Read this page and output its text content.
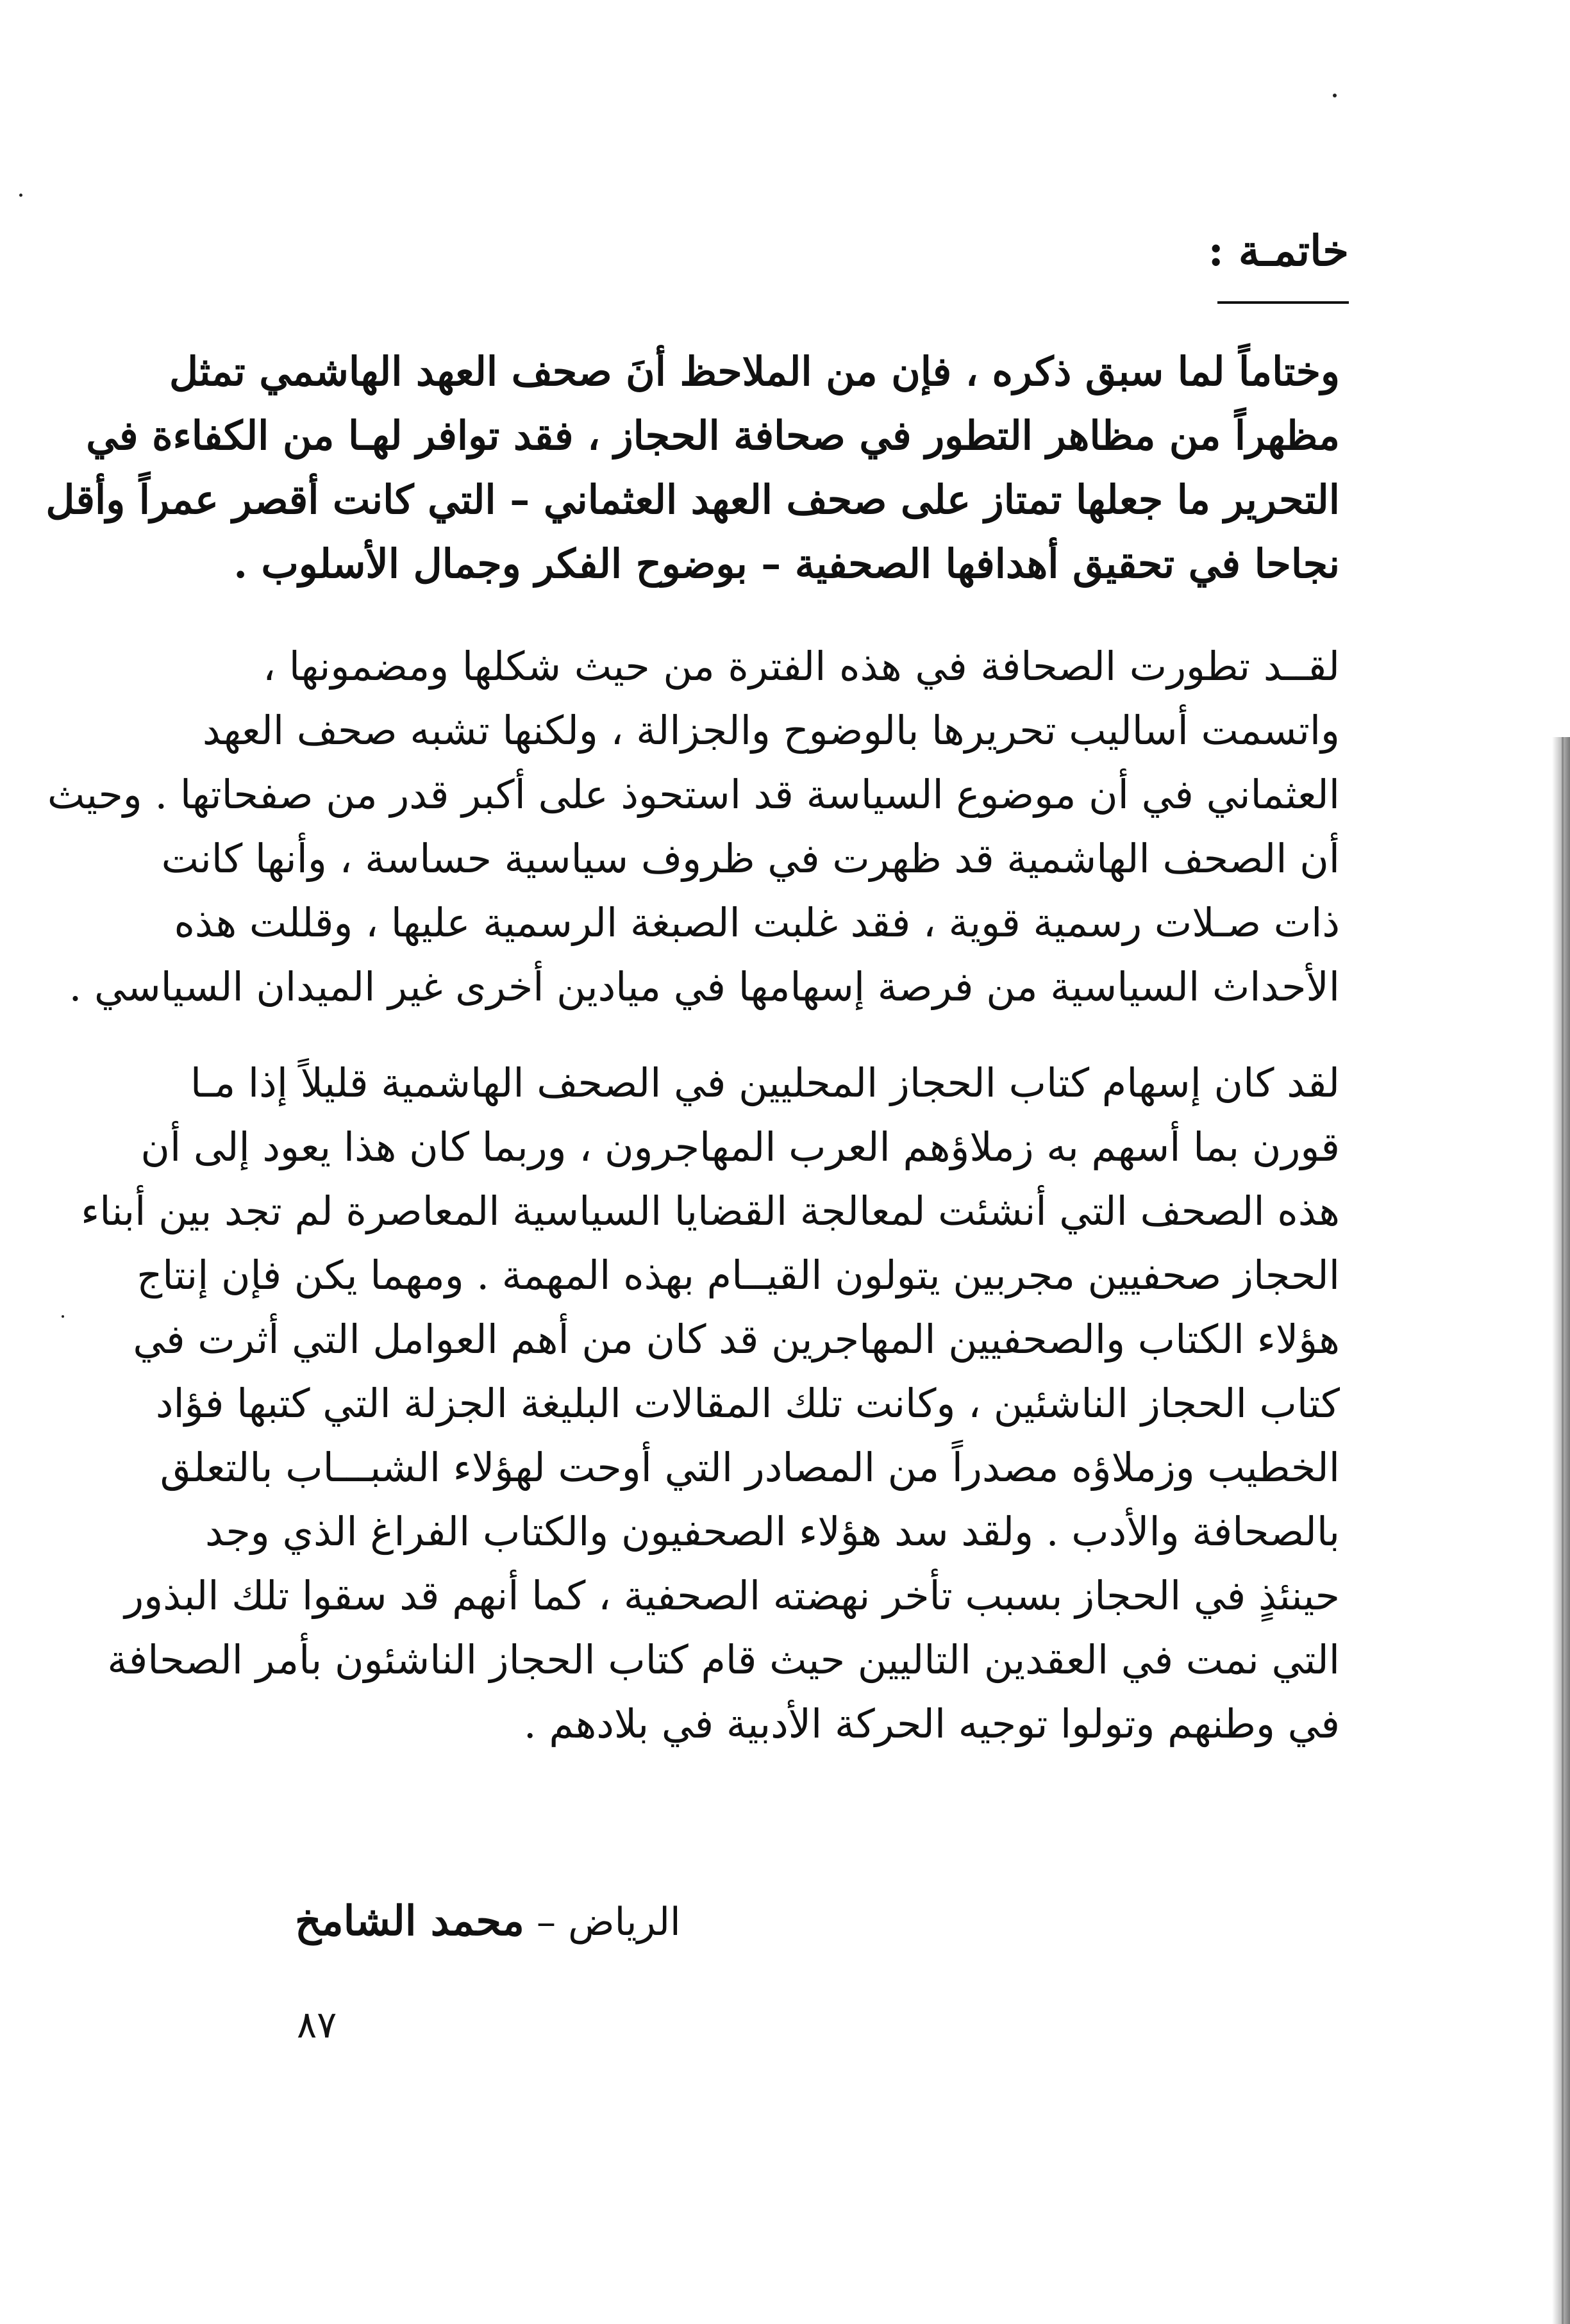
خاتمـة :
وختاماً لما سبق ذكره ، فإن من الملاحظ أنَ صحف العهد الهاشمي تمثل
مظهراً من مظاهر التطور في صحافة الحجاز ، فقد توافر لهـا من الكفاءة في
التحرير ما جعلها تمتاز على صحف العهد العثماني – التي كانت أقصر عمراً وأقل
نجاحا في تحقيق أهدافها الصحفية – بوضوح الفكر وجمال الأسلوب .
لقــد تطورت الصحافة في هذه الفترة من حيث شكلها ومضمونها ،
واتسمت أساليب تحريرها بالوضوح والجزالة ، ولكنها تشبه صحف العهد
العثماني في أن موضوع السياسة قد استحوذ على أكبر قدر من صفحاتها . وحيث
أن الصحف الهاشمية قد ظهرت في ظروف سياسية حساسة ، وأنها كانت
ذات صـلات رسمية قوية ، فقد غلبت الصبغة الرسمية عليها ، وقللت هذه
الأحداث السياسية من فرصة إسهامها في ميادين أخرى غير الميدان السياسي .
لقد كان إسهام كتاب الحجاز المحليين في الصحف الهاشمية قليلاً إذا مـا
قورن بما أسهم به زملاؤهم العرب المهاجرون ، وربما كان هذا يعود إلى أن
هذه الصحف التي أنشئت لمعالجة القضايا السياسية المعاصرة لم تجد بين أبناء
الحجاز صحفيين مجربين يتولون القيــام بهذه المهمة . ومهما يكن فإن إنتاج
هؤلاء الكتاب والصحفيين المهاجرين قد كان من أهم العوامل التي أثرت في
كتاب الحجاز الناشئين ، وكانت تلك المقالات البليغة الجزلة التي كتبها فؤاد
الخطيب وزملاؤه مصدراً من المصادر التي أوحت لهؤلاء الشبـــاب بالتعلق
بالصحافة والأدب . ولقد سد هؤلاء الصحفيون والكتاب الفراغ الذي وجد
حينئذٍ في الحجاز بسبب تأخر نهضته الصحفية ، كما أنهم قد سقوا تلك البذور
التي نمت في العقدين التاليين حيث قام كتاب الحجاز الناشئون بأمر الصحافة
في وطنهم وتولوا توجيه الحركة الأدبية في بلادهم .
الرياض – محمد الشامخ
٨٧
